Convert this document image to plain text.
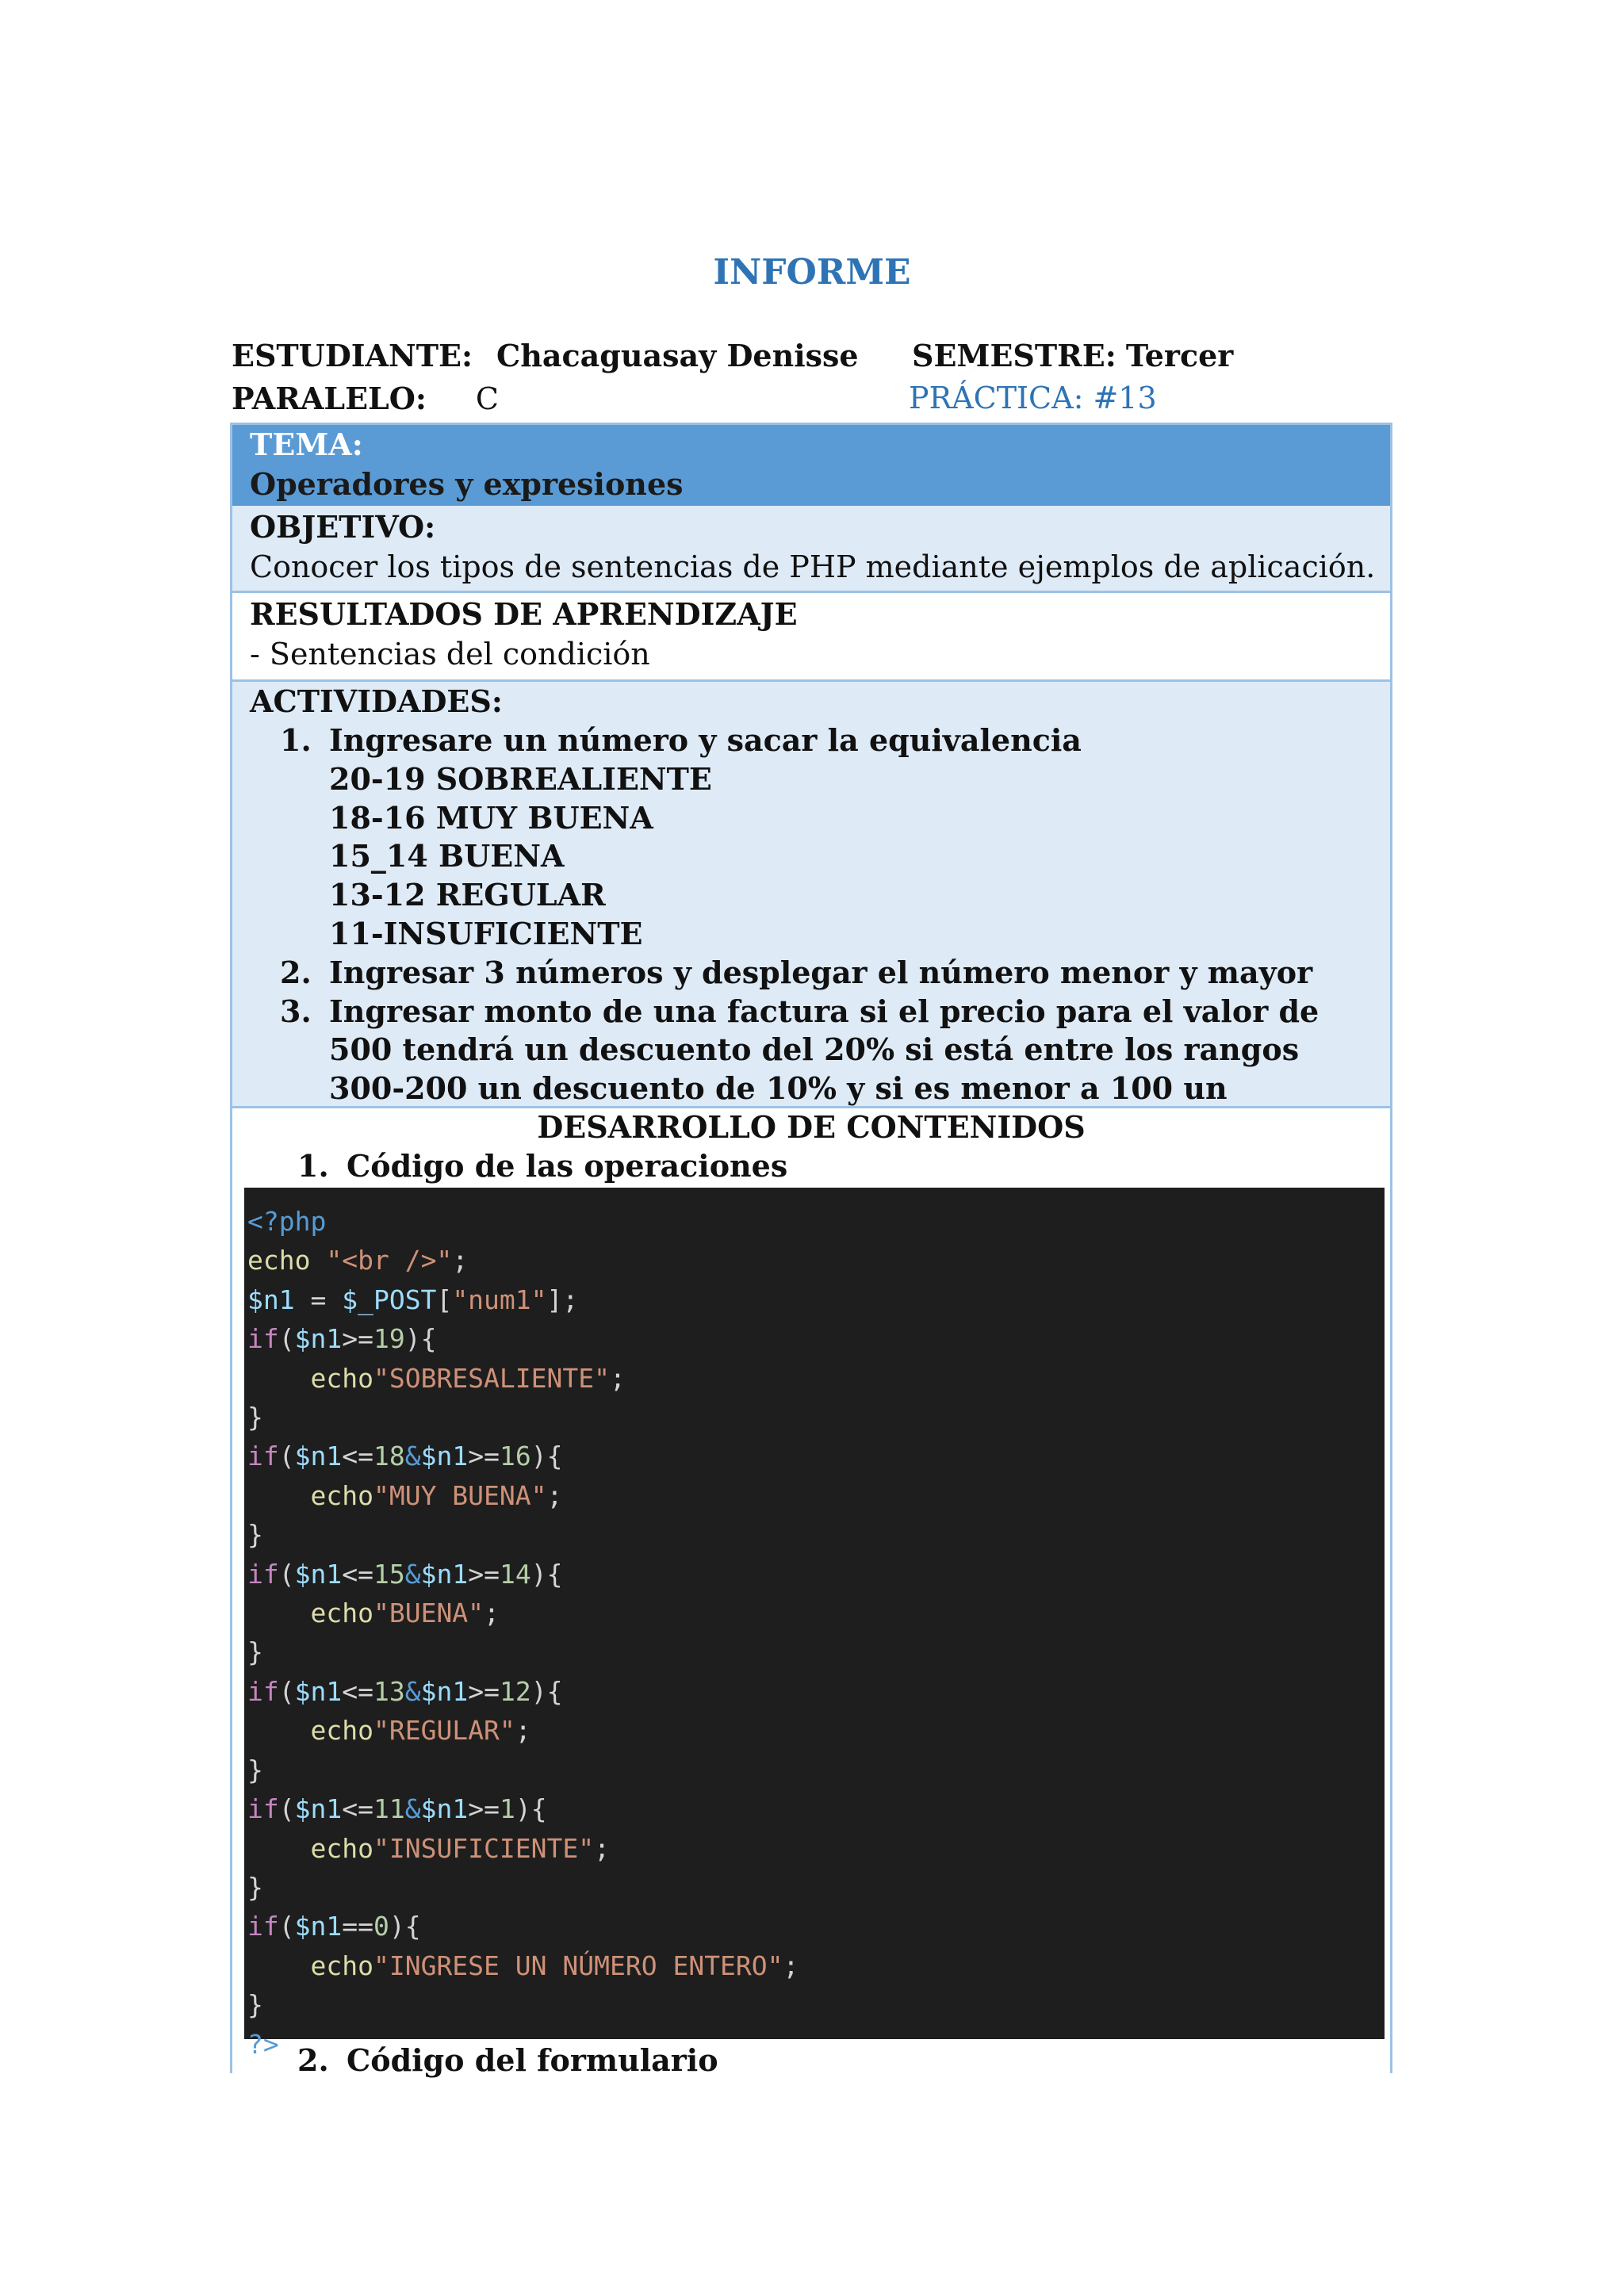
INFORME
ESTUDIANTE: Chacaguasay Denisse SEMESTRE: Tercer
PARALELO: C	PRÁCTICA: #13
TEMA:
Operadores y expresiones
OBJETIVO:
Conocer los tipos de sentencias de PHP mediante ejemplos de aplicación.
RESULTADOS DE APRENDIZAJE
- Sentencias del condición
ACTIVIDADES:
1. Ingresare un número y sacar la equivalencia
20-19 SOBREALIENTE
18-16 MUY BUENA
15_14 BUENA
13-12 REGULAR
11-INSUFICIENTE
2. Ingresar 3 números y desplegar el número menor y mayor
3. Ingresar monto de una factura si el precio para el valor de 500 tendrá un descuento del 20% si está entre los rangos 300-200 un descuento de 10% y si es menor a 100 un
DESARROLLO DE CONTENIDOS
1. Código de las operaciones
<?php
echo "<br />";
$n1 = $_POST["num1"];
if($n1>=19){
echo"SOBRESALIENTE";
}
if($n1<=18&$n1>=16){
echo"MUY BUENA";
}
if($n1<=15&$n1>=14){
echo"BUENA";
}
if($n1<=13&$n1>=12){
echo"REGULAR";
}
if($n1<=11&$n1>=1){
echo"INSUFICIENTE";
}
if($n1==0){
echo"INGRESE UN NÚMERO ENTERO";
}
?> 2. Código del formulario
